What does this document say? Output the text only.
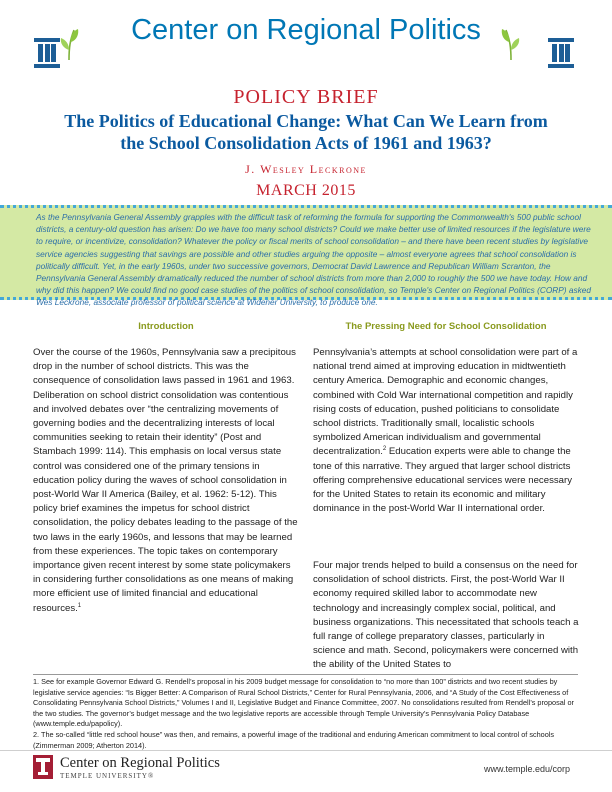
Center on Regional Politics
POLICY BRIEF
The Politics of Educational Change: What Can We Learn from
the School Consolidation Acts of 1961 and 1963?
J. Wesley Leckrone
MARCH 2015
As the Pennsylvania General Assembly grapples with the difficult task of reforming the formula for supporting the Commonwealth's 500 public school districts, a century-old question has arisen: Do we have too many school districts? Could we make better use of limited resources if the legislature were to require, or incentivize, consolidation? Whatever the policy or fiscal merits of school consolidation – and there have been recent studies by legislative service agencies suggesting that savings are possible and other studies arguing the opposite – almost everyone agrees that school consolidation is politically difficult. Yet, in the early 1960s, under two successive governors, Democrat David Lawrence and Republican William Scranton, the Pennsylvania General Assembly dramatically reduced the number of school districts from more than 2,000 to roughly the 500 we have today. How and why did this happen? We could find no good case studies of the politics of school consolidation, so Temple's Center on Regional Politics (CORP) asked Wes Leckrone, associate professor of political science at Widener University, to produce one.
Introduction	The Pressing Need for School Consolidation
Over the course of the 1960s, Pennsylvania saw a precipitous drop in the number of school districts. This was the consequence of consolidation laws passed in 1961 and 1963. Deliberation on school district consolidation was contentious and involved debates over “the centralizing movements of governing bodies and the decentralizing interests of local communities seeking to retain their identity” (Post and Stambach 1999: 114). This emphasis on local versus state control was considered one of the primary tensions in education policy during the waves of school consolidation in post-World War II America (Bailey, et al. 1962: 5-12). This policy brief examines the impetus for school district consolidation, the policy debates leading to the passage of the two laws in the early 1960s, and lessons that may be learned from these experiences. The topic takes on contemporary importance given recent interest by some state policymakers in considering further consolidations as one means of making more efficient use of limited financial and educational resources.$^1$
Pennsylvania’s attempts at school consolidation were part of a national trend aimed at improving education in midtwentieth century America. Demographic and economic changes, combined with Cold War international competition and rapidly rising costs of education, pushed politicians to consolidate school districts. Traditionally small, localistic schools symbolized American individualism and governmental decentralization.$^2$ Education experts were able to change the tone of this narrative. They argued that larger school districts offering comprehensive educational services were necessary for the United States to retain its economic and military dominance in the post-World War II international order.
Four major trends helped to build a consensus on the need for consolidation of school districts. First, the post-World War II economy required skilled labor to accommodate new technology and increasingly complex social, political, and business organizations. This necessitated that schools teach a full range of college preparatory classes, particularly in science and math. Second, policymakers were concerned with the ability of the United States to
1. See for example Governor Edward G. Rendell’s proposal in his 2009 budget message for consolidation to “no more than 100” districts and two recent studies by legislative service agencies: “Is Bigger Better: A Comparison of Rural School Districts,” Center for Rural Pennsylvania, 2006, and “A Study of the Cost Effectiveness of Consolidating Pennsylvania School Districts,” Volumes I and II, Legislative Budget and Finance Committee, 2007. No consolidations resulted from Rendell’s proposal or the two studies. The governor’s budget message and the two legislative reports are accessible through Temple University’s Pennsylvania Policy Database (www.temple.edu/papolicy).
2. The so-called “little red school house” was then, and remains, a powerful image of the traditional and enduring American commitment to local control of schools (Zimmerman 2009; Atherton 2014).
Center on Regional Politics
TEMPLE UNIVERSITY®
www.temple.edu/corp
